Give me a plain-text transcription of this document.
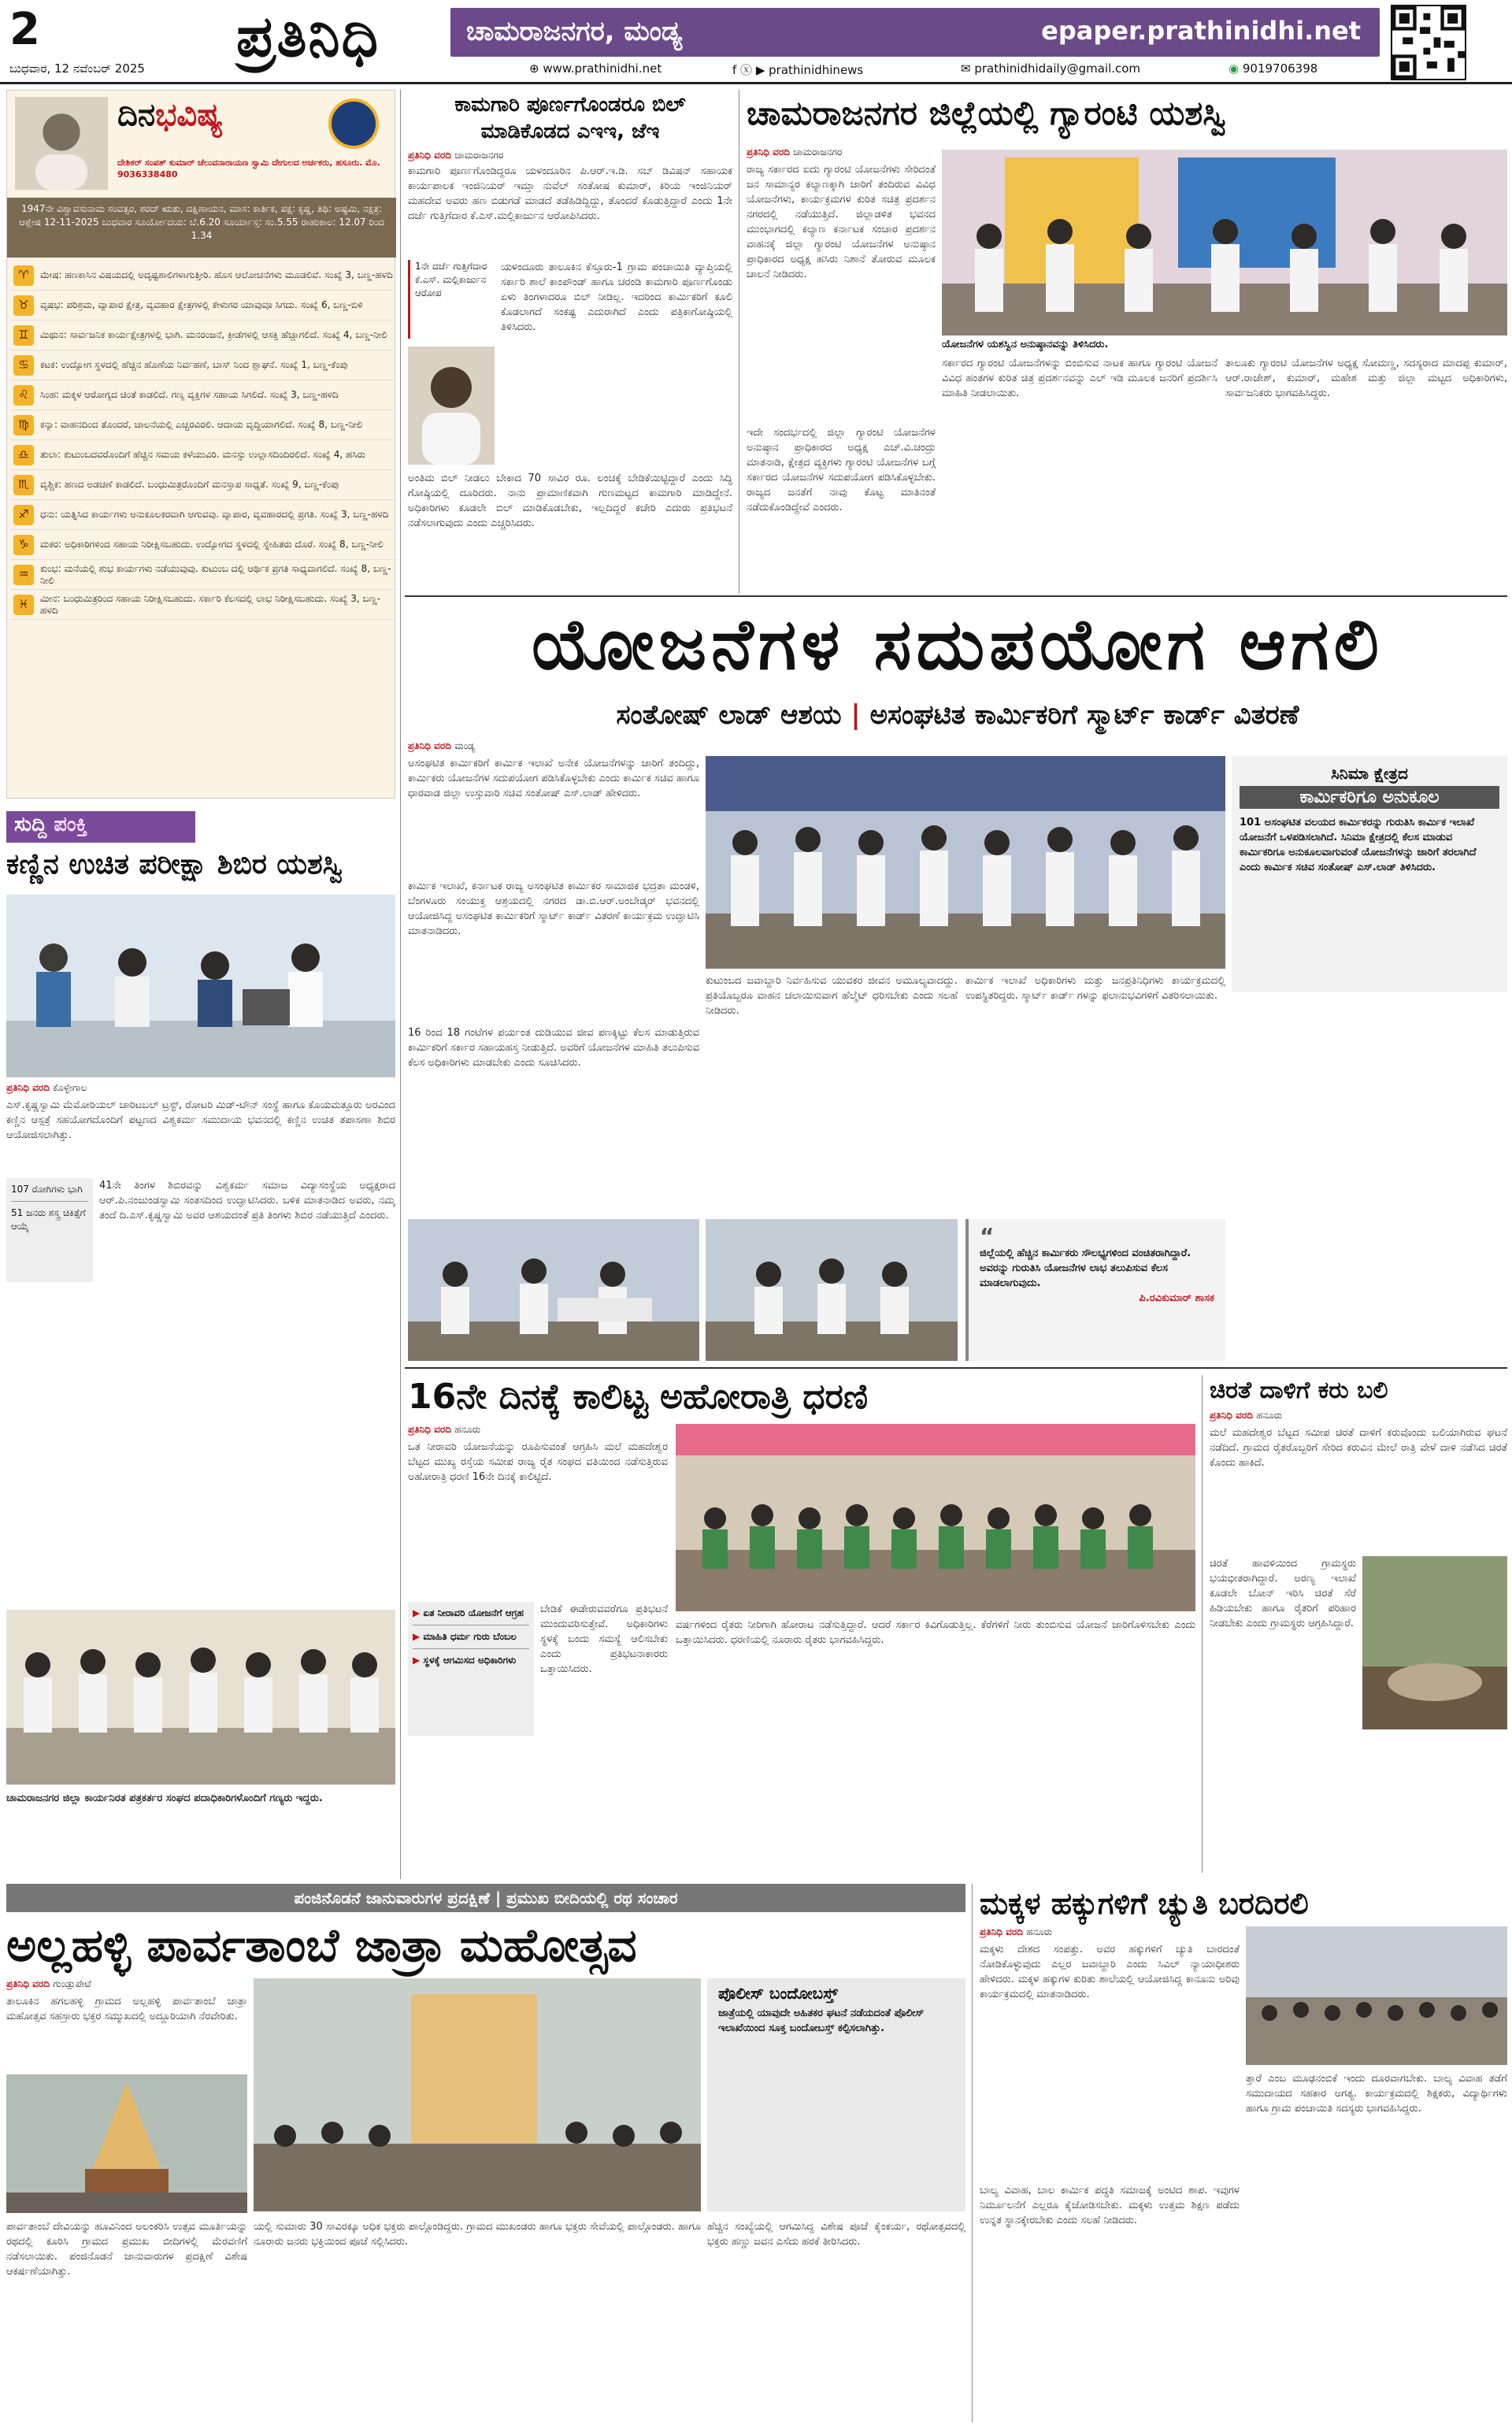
2	ಪ್ರತಿನಿಧಿ	ಚಾಮರಾಜನಗರ, ಮಂಡ್ಯ	epaper.prathinidhi.net
ಬುಧವಾರ, 12 ನವೆಂಬರ್ 2025	⊕ www.prathinidhi.net	f ⓧ ▶ prathinidhinews	✉ prathinidhidaily@gmail.com	◉ 9019706398
ದಿನಭವಿಷ್ಯ
ದೇಶಿಕರ್ ಸಂಪತ್ ಕುಮಾರ್ ಚೆಲುವನಾರಾಯಣ ಸ್ವಾಮಿ ದೇಗುಲದ ಅರ್ಚಕರು, ಹಸೂರು. ಮೊ. 9036338480
1947ನೇ ವಿಶ್ವಾವಸುನಾಮ ಸಂವತ್ಸರ, ಶರದ್ ಋತು, ದಕ್ಷಿಣಾಯನ, ಮಾಸ: ಕಾರ್ತಿಕ, ಪಕ್ಷ: ಕೃಷ್ಣ, ತಿಥಿ: ಅಷ್ಟಮಿ, ನಕ್ಷತ್ರ: ಆಶ್ಲೇಷ 12-11-2025 ಬುಧವಾರ ಸೂರ್ಯೋದಯ: ಬೆ.6.20 ಸೂರ್ಯಾಸ್ತ: ಸಂ.5.55 ರಾಹುಕಾಲ: 12.07 ರಿಂದ 1.34
♈	ಮೇಷ: ಹಣಕಾಸಿನ ವಿಷಯದಲ್ಲಿ ಅದೃಷ್ಟಶಾಲಿಗಳಾಗುತ್ತೀರಿ. ಹೊಸ ಆಲೋಚನೆಗಳು ಮೂಡಲಿವೆ. ಸಂಖ್ಯೆ 3, ಬಣ್ಣ-ಹಳದಿ
♉	ವೃಷಭ: ಪರಿಶ್ರಮ, ವ್ಯಾಪಾರ ಕ್ಷೇತ್ರ, ವ್ಯವಹಾರ ಕ್ಷೇತ್ರಗಳಲ್ಲಿ ಕೇಳುಗರ ಯಾವುವೂ ಸಿಗದು. ಸಂಖ್ಯೆ 6, ಬಣ್ಣ-ಬಿಳಿ
♊	ಮಿಥುನ: ಸಾರ್ವಜನಿಕ ಕಾರ್ಯಕ್ಷೇತ್ರಗಳಲ್ಲಿ ಭಾಗಿ. ಮನರಂಜನೆ, ಕ್ರೀಡೆಗಳಲ್ಲಿ ಆಸಕ್ತಿ ಹೆಚ್ಚಾಗಲಿದೆ. ಸಂಖ್ಯೆ 4, ಬಣ್ಣ-ನೀಲಿ
♋	ಕಟಕ: ಉದ್ಯೋಗ ಸ್ಥಳದಲ್ಲಿ ಹೆಚ್ಚಿನ ಹೊಣೆಯ ನಿರ್ವಹಣೆ, ಬಾಸ್ ನಿಂದ ಶ್ಲಾಘನೆ. ಸಂಖ್ಯೆ 1, ಬಣ್ಣ-ಕೆಂಪು
♌	ಸಿಂಹ: ಮಕ್ಕಳ ಆರೋಗ್ಯದ ಚಿಂತೆ ಕಾಡಲಿದೆ. ಗಣ್ಯ ವ್ಯಕ್ತಿಗಳ ಸಹಾಯ ಸಿಗಲಿದೆ. ಸಂಖ್ಯೆ 3, ಬಣ್ಣ-ಹಳದಿ
♍	ಕನ್ಯಾ: ವಾಹನದಿಂದ ತೊಂದರೆ, ಚಾಲನೆಯಲ್ಲಿ ಎಚ್ಚರವಿರಲಿ. ಆದಾಯ ವೃದ್ಧಿಯಾಗಲಿದೆ. ಸಂಖ್ಯೆ 8, ಬಣ್ಣ-ನೀಲಿ
♎	ತುಲಾ: ಕುಟುಂಬದವರೊಂದಿಗೆ ಹೆಚ್ಚಿನ ಸಮಯ ಕಳೆಯುವಿರಿ. ಮನಸ್ಸು ಉಲ್ಲಾಸದಿಂದಿರಲಿದೆ. ಸಂಖ್ಯೆ 4, ಹಸಿರು
♏	ವೃಶ್ಚಿಕ: ಹಣದ ಅಡಚಣೆ ಕಾಡಲಿದೆ. ಬಂಧುಮಿತ್ರರೊಂದಿಗೆ ಮನಸ್ತಾಪ ಸಾಧ್ಯತೆ. ಸಂಖ್ಯೆ 9, ಬಣ್ಣ-ಕೆಂಪು
♐	ಧನು: ಯತ್ನಿಸಿದ ಕಾರ್ಯಗಳು ಅನುಕೂಲಕರವಾಗಿ ಆಗುವವು. ವ್ಯಾಪಾರ, ವ್ಯವಹಾರದಲ್ಲಿ ಪ್ರಗತಿ. ಸಂಖ್ಯೆ 3, ಬಣ್ಣ-ಹಳದಿ
♑	ಮಕರ: ಅಧಿಕಾರಿಗಳಿಂದ ಸಹಾಯ ನಿರೀಕ್ಷಿಸಬಹುದು. ಉದ್ಯೋಗದ ಸ್ಥಳದಲ್ಲಿ ಸ್ನೇಹಿತರು ದೊರೆ. ಸಂಖ್ಯೆ 8, ಬಣ್ಣ-ನೀಲಿ
♒	ಕುಂಭ: ಮನೆಯಲ್ಲಿ ಶುಭ ಕಾರ್ಯಗಳು ನಡೆಯುವುವು. ಕುಟುಂಬ ದಲ್ಲಿ ಆರ್ಥಿಕ ಪ್ರಗತಿ ಸಾಧ್ಯವಾಗಲಿದೆ. ಸಂಖ್ಯೆ 8, ಬಣ್ಣ-ನೀಲಿ
♓	ಮೀನ: ಬಂಧುಮಿತ್ರರಿಂದ ಸಹಾಯ ನಿರೀಕ್ಷಿಸಬಹುದು. ಸರ್ಕಾರಿ ಕೆಲಸದಲ್ಲಿ ಲಾಭ ನಿರೀಕ್ಷಿಸಬಹುದು. ಸಂಖ್ಯೆ 3, ಬಣ್ಣ-ಹಳದಿ
ಸುದ್ದಿ ಪಂಕ್ತಿ
ಕಣ್ಣಿನ ಉಚಿತ ಪರೀಕ್ಷಾ ಶಿಬಿರ ಯಶಸ್ವಿ
ಪ್ರತಿನಿಧಿ ವರದಿ ಕೊಳ್ಳೇಗಾಲ
ಎಸ್.ಕೃಷ್ಣಸ್ವಾಮಿ ಮೆಮೋರಿಯಲ್ ಚಾರಿಟಬಲ್ ಟ್ರಸ್ಟ್, ರೋಟರಿ ಮಿಡ್-ಟೌನ್ ಸಂಸ್ಥೆ ಹಾಗೂ ಕೊಯಮತ್ತೂರು ಅರವಿಂದ ಕಣ್ಣಿನ ಆಸ್ಪತ್ರೆ ಸಹಯೋಗದೊಂದಿಗೆ ಪಟ್ಟಣದ ವಿಶ್ವಕರ್ಮ ಸಮುದಾಯ ಭವನದಲ್ಲಿ ಕಣ್ಣಿನ ಉಚಿತ ತಪಾಸಣಾ ಶಿಬಿರ ಆಯೋಜಿಸಲಾಗಿತ್ತು.
107 ರೋಗಿಗಳು ಭಾಗಿ
51 ಜನರು ಶಸ್ತ್ರ ಚಿಕಿತ್ಸೆಗೆ ಆಯ್ಕೆ
41ನೇ ತಿಂಗಳ ಶಿಬಿರವನ್ನು ವಿಶ್ವಕರ್ಮ ಸಮಾಜ ವಿದ್ಯಾಸಂಸ್ಥೆಯ ಅಧ್ಯಕ್ಷರಾದ ಆರ್.ಪಿ.ನಂಜುಂಡಸ್ವಾಮಿ ಸಂತಸದಿಂದ ಉದ್ಘಾಟಿಸಿದರು. ಬಳಿಕ ಮಾತನಾಡಿದ ಅವರು, ನಮ್ಮ ತಂದೆ ದಿ.ಎಸ್.ಕೃಷ್ಣಸ್ವಾಮಿ ಅವರ ಆಶಯದಂತೆ ಪ್ರತಿ ತಿಂಗಳು ಶಿಬಿರ ನಡೆಯುತ್ತಿದೆ ಎಂದರು.
ಚಾಮರಾಜನಗರ ಜಿಲ್ಲಾ ಕಾರ್ಯನಿರತ ಪತ್ರಕರ್ತರ ಸಂಘದ ಪದಾಧಿಕಾರಿಗಳೊಂದಿಗೆ ಗಣ್ಯರು ಇದ್ದರು.
ಕಾಮಗಾರಿ ಪೂರ್ಣಗೊಂಡರೂ ಬಿಲ್ ಮಾಡಿಕೊಡದ ಎಇಇ, ಜೆಇ
ಪ್ರತಿನಿಧಿ ವರದಿ ಚಾಮರಾಜನಗರ
ಕಾಮಗಾರಿ ಪೂರ್ಣಗೊಂಡಿದ್ದರೂ ಯಳಂದೂರಿನ ಪಿ.ಆರ್.ಇ.ಡಿ. ಸಬ್ ಡಿವಿಷನ್ ಸಹಾಯಕ ಕಾರ್ಯಪಾಲಕ ಇಂಜಿನಿಯರ್ ಇಮ್ತಾ ನುವೆಲ್ ಸಂತೋಷ ಕುಮಾರ್, ಕಿರಿಯ ಇಂಜಿನಿಯರ್ ಮಹದೇವ ಅವರು ಹಣ ಬಿಡುಗಡೆ ಮಾಡದೆ ತಡೆಹಿಡಿದ್ದಿದ್ದು, ತೊಂದರೆ ಕೊಡುತ್ತಿದ್ದಾರೆ ಎಂದು 1ನೇ ದರ್ಜೆ ಗುತ್ತಿಗೆದಾರ ಕೆ.ಎಸ್.ಮಲ್ಲಿಕಾರ್ಜುನ ಆರೋಪಿಸಿದರು.
1ನೇ ದರ್ಜೆ ಗುತ್ತಿಗೆದಾರ ಕೆ.ಎಸ್. ಮಲ್ಲಿಕಾರ್ಜುನ ಆರೋಪ
ಯಳಂದೂರು ತಾಲೂಕಿನ ಕೆಸ್ತೂರು-1 ಗ್ರಾಮ ಪಂಚಾಯಿತಿ ವ್ಯಾಪ್ತಿಯಲ್ಲಿ ಸರ್ಕಾರಿ ಶಾಲೆ ಕಾಂಪೌಂಡ್ ಹಾಗೂ ಚರಂಡಿ ಕಾಮಗಾರಿ ಪೂರ್ಣಗೊಂಡು ಏಳು ತಿಂಗಳಾದರೂ ಬಿಲ್ ನೀಡಿಲ್ಲ. ಇದರಿಂದ ಕಾರ್ಮಿಕರಿಗೆ ಕೂಲಿ ಕೊಡಲಾಗದೆ ಸಂಕಷ್ಟ ಎದುರಾಗಿದೆ ಎಂದು ಪತ್ರಿಕಾಗೋಷ್ಠಿಯಲ್ಲಿ ತಿಳಿಸಿದರು.
ಅಂತಿಮ ಬಿಲ್ ನೀಡಲು ಬೇಕಾದ 70 ಸಾವಿರ ರೂ. ಲಂಚಕ್ಕೆ ಬೇಡಿಕೆಯಿಟ್ಟಿದ್ದಾರೆ ಎಂದು ಸಿದ್ಧಿ ಗೋಷ್ಠಿಯಲ್ಲಿ ದೂರಿದರು. ನಾನು ಪ್ರಾಮಾಣಿಕವಾಗಿ ಗುಣಮಟ್ಟದ ಕಾಮಗಾರಿ ಮಾಡಿದ್ದೇನೆ. ಅಧಿಕಾರಿಗಳು ಕೂಡಲೇ ಬಿಲ್ ಮಾಡಿಕೊಡಬೇಕು, ಇಲ್ಲದಿದ್ದರೆ ಕಚೇರಿ ಎದುರು ಪ್ರತಿಭಟನೆ ನಡೆಸಲಾಗುವುದು ಎಂದು ಎಚ್ಚರಿಸಿದರು.
ಚಾಮರಾಜನಗರ ಜಿಲ್ಲೆಯಲ್ಲಿ ಗ್ಯಾರಂಟಿ ಯಶಸ್ವಿ
ಪ್ರತಿನಿಧಿ ವರದಿ ಚಾಮರಾಜನಗರ
ರಾಜ್ಯ ಸರ್ಕಾರದ ಐದು ಗ್ಯಾರಂಟಿ ಯೋಜನೆಗಳು ಸೇರಿದಂತೆ ಜನ ಸಾಮಾನ್ಯರ ಕಲ್ಯಾಣಕ್ಕಾಗಿ ಜಾರಿಗೆ ತಂದಿರುವ ವಿವಿಧ ಯೋಜನೆಗಳು, ಕಾರ್ಯಕ್ರಮಗಳ ಕುರಿತ ಸಚಿತ್ರ ಪ್ರದರ್ಶನ ನಗರದಲ್ಲಿ ನಡೆಯುತ್ತಿದೆ. ಜಿಲ್ಲಾಡಳಿತ ಭವನದ ಮುಂಭಾಗದಲ್ಲಿ ಕಲ್ಯಾಣ ಕರ್ನಾಟಕ ಸಂಚಾರ ಪ್ರದರ್ಶನ ವಾಹನಕ್ಕೆ ಜಿಲ್ಲಾ ಗ್ಯಾರಂಟಿ ಯೋಜನೆಗಳ ಅನುಷ್ಠಾನ ಪ್ರಾಧಿಕಾರದ ಅಧ್ಯಕ್ಷ ಹಸಿರು ನಿಶಾನೆ ತೋರುವ ಮೂಲಕ ಚಾಲನೆ ನೀಡಿದರು.
ಯೋಜನೆಗಳ ಯಶಸ್ವಿನ ಅನುಷ್ಠಾನವನ್ನು ತಿಳಿಸಿದರು.
ಇದೇ ಸಂದರ್ಭದಲ್ಲಿ ಜಿಲ್ಲಾ ಗ್ಯಾರಂಟಿ ಯೋಜನೆಗಳ ಅನುಷ್ಠಾನ ಪ್ರಾಧಿಕಾರದ ಅಧ್ಯಕ್ಷ ಎಚ್.ವಿ.ಚಂದ್ರು ಮಾತನಾಡಿ, ಕ್ಷೇತ್ರದ ವ್ಯಕ್ತಿಗಳು ಗ್ಯಾರಂಟಿ ಯೋಜನೆಗಳ ಬಗ್ಗೆ ಸರ್ಕಾರದ ಯೋಜನೆಗಳ ಸದುಪಯೋಗ ಪಡಿಸಿಕೊಳ್ಳಬೇಕು. ರಾಜ್ಯದ ಜನತೆಗೆ ನಾವು ಕೊಟ್ಟ ಮಾತಿನಂತೆ ನಡೆದುಕೊಂಡಿದ್ದೇವೆ ಎಂದರು.
ಸರ್ಕಾರದ ಗ್ಯಾರಂಟಿ ಯೋಜನೆಗಳನ್ನು ಬಿಂಬಿಸುವ ನಾಟಕ ಹಾಗೂ ಗ್ಯಾರಂಟಿ ಯೋಜನೆ ವಿವಿಧ ಹಂತಗಳ ಕುರಿತ ಚಿತ್ರ ಪ್ರದರ್ಶನವನ್ನು ಎಲ್ ಇಡಿ ಮೂಲಕ ಜನರಿಗೆ ಪ್ರದರ್ಶಿಸಿ ಮಾಹಿತಿ ನೀಡಲಾಯಿತು.
ತಾಲೂಕು ಗ್ಯಾರಂಟಿ ಯೋಜನೆಗಳ ಅಧ್ಯಕ್ಷ ಸೋಮಣ್ಣ, ಸದಸ್ಯರಾದ ಮಾದಪ್ಪ ಕುಮಾರ್, ಆರ್.ರಾಜೇಶ್, ಕುಮಾರ್, ಮಹೇಶ ಮತ್ತು ಜಿಲ್ಲಾ ಮಟ್ಟದ ಅಧಿಕಾರಿಗಳು, ಸಾರ್ವಜನಿಕರು ಭಾಗವಹಿಸಿದ್ದರು.
ಯೋಜನೆಗಳ ಸದುಪಯೋಗ ಆಗಲಿ
ಸಂತೋಷ್ ಲಾಡ್ ಆಶಯ | ಅಸಂಘಟಿತ ಕಾರ್ಮಿಕರಿಗೆ ಸ್ಮಾರ್ಟ್ ಕಾರ್ಡ್ ವಿತರಣೆ
ಪ್ರತಿನಿಧಿ ವರದಿ ಮಂಡ್ಯ
ಅಸಂಘಟಿತ ಕಾರ್ಮಿಕರಿಗೆ ಕಾರ್ಮಿಕ ಇಲಾಖೆ ಅನೇಕ ಯೋಜನೆಗಳನ್ನು ಜಾರಿಗೆ ತಂದಿದ್ದು, ಕಾರ್ಮಿಕರು ಯೋಜನೆಗಳ ಸದುಪಯೋಗ ಪಡಿಸಿಕೊಳ್ಳಬೇಕು ಎಂದು ಕಾರ್ಮಿಕ ಸಚಿವ ಹಾಗೂ ಧಾರವಾಡ ಜಿಲ್ಲಾ ಉಸ್ತುವಾರಿ ಸಚಿವ ಸಂತೋಷ್ ಎಸ್.ಲಾಡ್ ಹೇಳಿದರು.
ಕಾರ್ಮಿಕ ಇಲಾಖೆ, ಕರ್ನಾಟಕ ರಾಜ್ಯ ಅಸಂಘಟಿತ ಕಾರ್ಮಿಕರ ಸಾಮಾಜಿಕ ಭದ್ರತಾ ಮಂಡಳಿ, ಬೆಂಗಳೂರು ಸಂಯುಕ್ತ ಆಶ್ರಯದಲ್ಲಿ ನಗರದ ಡಾ.ಬಿ.ಆರ್.ಅಂಬೇಡ್ಕರ್ ಭವನದಲ್ಲಿ ಆಯೋಜಿಸಿದ್ದ ಅಸಂಘಟಿತ ಕಾರ್ಮಿಕರಿಗೆ ಸ್ಮಾರ್ಟ್ ಕಾರ್ಡ್ ವಿತರಣೆ ಕಾರ್ಯಕ್ರಮ ಉದ್ಘಾಟಿಸಿ ಮಾತನಾಡಿದರು.
16 ರಿಂದ 18 ಗಂಟೆಗಳ ಪರ್ಯಂತ ದುಡಿಯುವ ಜೀವ ಪಣಕ್ಕಿಟ್ಟು ಕೆಲಸ ಮಾಡುತ್ತಿರುವ ಕಾರ್ಮಿಕರಿಗೆ ಸರ್ಕಾರ ಸಹಾಯಹಸ್ತ ನೀಡುತ್ತಿದೆ. ಅವರಿಗೆ ಯೋಜನೆಗಳ ಮಾಹಿತಿ ತಲುಪಿಸುವ ಕೆಲಸ ಅಧಿಕಾರಿಗಳು ಮಾಡಬೇಕು ಎಂದು ಸೂಚಿಸಿದರು.
ಸಿನಿಮಾ ಕ್ಷೇತ್ರದ
ಕಾರ್ಮಿಕರಿಗೂ ಅನುಕೂಲ
101 ಅಸಂಘಟಿತ ವಲಯದ ಕಾರ್ಮಿಕರನ್ನು ಗುರುತಿಸಿ ಕಾರ್ಮಿಕ ಇಲಾಖೆ ಯೋಜನೆಗೆ ಒಳಪಡಿಸಲಾಗಿದೆ. ಸಿನಿಮಾ ಕ್ಷೇತ್ರದಲ್ಲಿ ಕೆಲಸ ಮಾಡುವ ಕಾರ್ಮಿಕರಿಗೂ ಅನುಕೂಲವಾಗುವಂತೆ ಯೋಜನೆಗಳನ್ನು ಜಾರಿಗೆ ತರಲಾಗಿದೆ ಎಂದು ಕಾರ್ಮಿಕ ಸಚಿವ ಸಂತೋಷ್ ಎಸ್.ಲಾಡ್ ತಿಳಿಸಿದರು.
ಕುಟುಂಬದ ಜವಾಬ್ದಾರಿ ನಿರ್ವಹಿಸುವ ಯುವಕರ ಜೀವನ ಅಮೂಲ್ಯವಾದದ್ದು. ಪ್ರತಿಯೊಬ್ಬರೂ ವಾಹನ ಚಲಾಯಿಸುವಾಗ ಹೆಲ್ಮೆಟ್ ಧರಿಸಬೇಕು ಎಂದು ಸಲಹೆ ನೀಡಿದರು.
ಕಾರ್ಮಿಕ ಇಲಾಖೆ ಅಧಿಕಾರಿಗಳು ಮತ್ತು ಜನಪ್ರತಿನಿಧಿಗಳು ಕಾರ್ಯಕ್ರಮದಲ್ಲಿ ಉಪಸ್ಥಿತರಿದ್ದರು. ಸ್ಮಾರ್ಟ್ ಕಾರ್ಡ್ ಗಳನ್ನು ಫಲಾನುಭವಿಗಳಿಗೆ ವಿತರಿಸಲಾಯಿತು.
“
ಜಿಲ್ಲೆಯಲ್ಲಿ ಹೆಚ್ಚಿನ ಕಾರ್ಮಿಕರು ಸೌಲಭ್ಯಗಳಿಂದ ವಂಚಿತರಾಗಿದ್ದಾರೆ. ಅವರನ್ನು ಗುರುತಿಸಿ ಯೋಜನೆಗಳ ಲಾಭ ತಲುಪಿಸುವ ಕೆಲಸ ಮಾಡಲಾಗುವುದು.
ಪಿ.ರವಿಕುಮಾರ್ ಶಾಸಕ
16ನೇ ದಿನಕ್ಕೆ ಕಾಲಿಟ್ಟ ಅಹೋರಾತ್ರಿ ಧರಣಿ
ಪ್ರತಿನಿಧಿ ವರದಿ ಹನೂರು
ಒತ ನೀರಾವರಿ ಯೋಜನೆಯನ್ನು ರೂಪಿಸುವಂತೆ ಆಗ್ರಹಿಸಿ ಮಲೆ ಮಹದೇಶ್ವರ ಬೆಟ್ಟದ ಮುಖ್ಯ ರಸ್ತೆಯ ಸಮೀಪ ರಾಜ್ಯ ರೈತ ಸಂಘದ ವತಿಯಿಂದ ನಡೆಸುತ್ತಿರುವ ಅಹೋರಾತ್ರಿ ಧರಣಿ 16ನೇ ದಿನಕ್ಕೆ ಕಾಲಿಟ್ಟಿದೆ.
▶ ಏತ ನೀರಾವರಿ ಯೋಜನೆಗೆ ಆಗ್ರಹ
▶ ಮಾಹಿತಿ ಧರ್ಮ ಗುರು ಬೆಂಬಲ
▶ ಸ್ಥಳಕ್ಕೆ ಆಗಮಿಸದ ಅಧಿಕಾರಿಗಳು
ಬೇಡಿಕೆ ಈಡೇರುವವರೆಗೂ ಪ್ರತಿಭಟನೆ ಮುಂದುವರಿಸುತ್ತೇವೆ. ಅಧಿಕಾರಿಗಳು ಸ್ಥಳಕ್ಕೆ ಬಂದು ಸಮಸ್ಯೆ ಆಲಿಸಬೇಕು ಎಂದು ಪ್ರತಿಭಟನಾಕಾರರು ಒತ್ತಾಯಿಸಿದರು.
ವರ್ಷಗಳಿಂದ ರೈತರು ನೀರಿಗಾಗಿ ಹೋರಾಟ ನಡೆಸುತ್ತಿದ್ದಾರೆ. ಆದರೆ ಸರ್ಕಾರ ಕಿವಿಗೊಡುತ್ತಿಲ್ಲ. ಕೆರೆಗಳಿಗೆ ನೀರು ತುಂಬಿಸುವ ಯೋಜನೆ ಜಾರಿಗೊಳಿಸಬೇಕು ಎಂದು ಒತ್ತಾಯಿಸಿದರು. ಧರಣಿಯಲ್ಲಿ ನೂರಾರು ರೈತರು ಭಾಗವಹಿಸಿದ್ದರು.
ಚಿರತೆ ದಾಳಿಗೆ ಕರು ಬಲಿ
ಪ್ರತಿನಿಧಿ ವರದಿ ಹನೂರು
ಮಲೆ ಮಹದೇಶ್ವರ ಬೆಟ್ಟದ ಸಮೀಪ ಚಿರತೆ ದಾಳಿಗೆ ಕರುವೊಂದು ಬಲಿಯಾಗಿರುವ ಘಟನೆ ನಡೆದಿದೆ. ಗ್ರಾಮದ ರೈತರೊಬ್ಬರಿಗೆ ಸೇರಿದ ಕರುವಿನ ಮೇಲೆ ರಾತ್ರಿ ವೇಳೆ ದಾಳಿ ನಡೆಸಿದ ಚಿರತೆ ಕೊಂದು ಹಾಕಿದೆ.
ಚಿರತೆ ಹಾವಳಿಯಿಂದ ಗ್ರಾಮಸ್ಥರು ಭಯಭೀತರಾಗಿದ್ದಾರೆ. ಅರಣ್ಯ ಇಲಾಖೆ ಕೂಡಲೇ ಬೋನ್ ಇರಿಸಿ ಚಿರತೆ ಸೆರೆ ಹಿಡಿಯಬೇಕು ಹಾಗೂ ರೈತರಿಗೆ ಪರಿಹಾರ ನೀಡಬೇಕು ಎಂದು ಗ್ರಾಮಸ್ಥರು ಆಗ್ರಹಿಸಿದ್ದಾರೆ.
ಪಂಜಿನೊಡನೆ ಜಾನುವಾರುಗಳ ಪ್ರದಕ್ಷಿಣೆ | ಪ್ರಮುಖ ಬೀದಿಯಲ್ಲಿ ರಥ ಸಂಚಾರ
ಅಲ್ಲಹಳ್ಳಿ ಪಾರ್ವತಾಂಬೆ ಜಾತ್ರಾ ಮಹೋತ್ಸವ
ಪ್ರತಿನಿಧಿ ವರದಿ ಗುಂಡ್ಲುಪೇಟೆ
ತಾಲೂಕಿನ ಹಗಲಹಳ್ಳಿ ಗ್ರಾಮದ ಅಲ್ಲಹಳ್ಳಿ ಪಾರ್ವತಾಂಬೆ ಜಾತ್ರಾ ಮಹೋತ್ಸವ ಸಹಸ್ರಾರು ಭಕ್ತರ ಸಮ್ಮುಖದಲ್ಲಿ ಅದ್ದೂರಿಯಾಗಿ ನೆರವೇರಿತು.
ಪಾರ್ವತಾಂಬೆ ದೇವಿಯನ್ನು ಹೂವಿನಿಂದ ಅಲಂಕರಿಸಿ ಉತ್ಸವ ಮೂರ್ತಿಯನ್ನು ರಥದಲ್ಲಿ ಕೂರಿಸಿ ಗ್ರಾಮದ ಪ್ರಮುಖ ಬೀದಿಗಳಲ್ಲಿ ಮೆರವಣಿಗೆ ನಡೆಸಲಾಯಿತು. ಪಂಜಿನೊಡನೆ ಜಾನುವಾರುಗಳ ಪ್ರದಕ್ಷಿಣೆ ವಿಶೇಷ ಆಕರ್ಷಣೆಯಾಗಿತ್ತು.
ಪೊಲೀಸ್ ಬಂದೋಬಸ್ತ್
ಜಾತ್ರೆಯಲ್ಲಿ ಯಾವುದೇ ಅಹಿತಕರ ಘಟನೆ ನಡೆಯದಂತೆ ಪೊಲೀಸ್ ಇಲಾಖೆಯಿಂದ ಸೂಕ್ತ ಬಂದೋಬಸ್ತ್ ಕಲ್ಪಿಸಲಾಗಿತ್ತು.
ಯಲ್ಲಿ ಸುಮಾರು 30 ಸಾವಿರಕ್ಕೂ ಅಧಿಕ ಭಕ್ತರು ಪಾಲ್ಗೊಂಡಿದ್ದರು. ಗ್ರಾಮದ ಮುಖಂಡರು ಹಾಗೂ ಭಕ್ತರು ಸೇವೆಯಲ್ಲಿ ಪಾಲ್ಗೊಂಡರು. ಹಾಗೂ ನೂರಾರು ಜನರು ಭಕ್ತಿಯಿಂದ ಪೂಜೆ ಸಲ್ಲಿಸಿದರು.
ಹೆಚ್ಚಿನ ಸಂಖ್ಯೆಯಲ್ಲಿ ಆಗಮಿಸಿದ್ದ ವಿಶೇಷ ಪೂಜೆ ಕೈಂಕರ್ಯ, ರಥೋತ್ಸವದಲ್ಲಿ ಭಕ್ತರು ಹಣ್ಣು ಜವನ ಎಸೆದು ಹರಕೆ ತೀರಿಸಿದರು.
ಮಕ್ಕಳ ಹಕ್ಕುಗಳಿಗೆ ಚ್ಯುತಿ ಬರದಿರಲಿ
ಪ್ರತಿನಿಧಿ ವರದಿ ಹನೂರು
ಮಕ್ಕಳು ದೇಶದ ಸಂಪತ್ತು. ಅವರ ಹಕ್ಕುಗಳಿಗೆ ಚ್ಯುತಿ ಬಾರದಂತೆ ನೋಡಿಕೊಳ್ಳುವುದು ಎಲ್ಲರ ಜವಾಬ್ದಾರಿ ಎಂದು ಸಿವಿಲ್ ನ್ಯಾಯಾಧೀಶರು ಹೇಳಿದರು. ಮಕ್ಕಳ ಹಕ್ಕುಗಳ ಕುರಿತು ಶಾಲೆಯಲ್ಲಿ ಆಯೋಜಿಸಿದ್ದ ಕಾನೂನು ಅರಿವು ಕಾರ್ಯಕ್ರಮದಲ್ಲಿ ಮಾತನಾಡಿದರು.
ತ್ತಾರೆ ಎಂಬ ಮೂಢನಂಬಿಕೆ ಇಂದು ದೂರವಾಗಬೇಕು. ಬಾಲ್ಯ ವಿವಾಹ ತಡೆಗೆ ಸಮುದಾಯದ ಸಹಕಾರ ಅಗತ್ಯ. ಕಾರ್ಯಕ್ರಮದಲ್ಲಿ ಶಿಕ್ಷಕರು, ವಿದ್ಯಾರ್ಥಿಗಳು ಹಾಗೂ ಗ್ರಾಮ ಪಂಚಾಯಿತಿ ಸದಸ್ಯರು ಭಾಗವಹಿಸಿದ್ದರು.
ಬಾಲ್ಯ ವಿವಾಹ, ಬಾಲ ಕಾರ್ಮಿಕ ಪದ್ಧತಿ ಸಮಾಜಕ್ಕೆ ಅಂಟಿದ ಶಾಪ. ಇವುಗಳ ನಿರ್ಮೂಲನೆಗೆ ಎಲ್ಲರೂ ಕೈಜೋಡಿಸಬೇಕು. ಮಕ್ಕಳು ಉತ್ತಮ ಶಿಕ್ಷಣ ಪಡೆದು ಉನ್ನತ ಸ್ಥಾನಕ್ಕೇರಬೇಕು ಎಂದು ಸಲಹೆ ನೀಡಿದರು.
